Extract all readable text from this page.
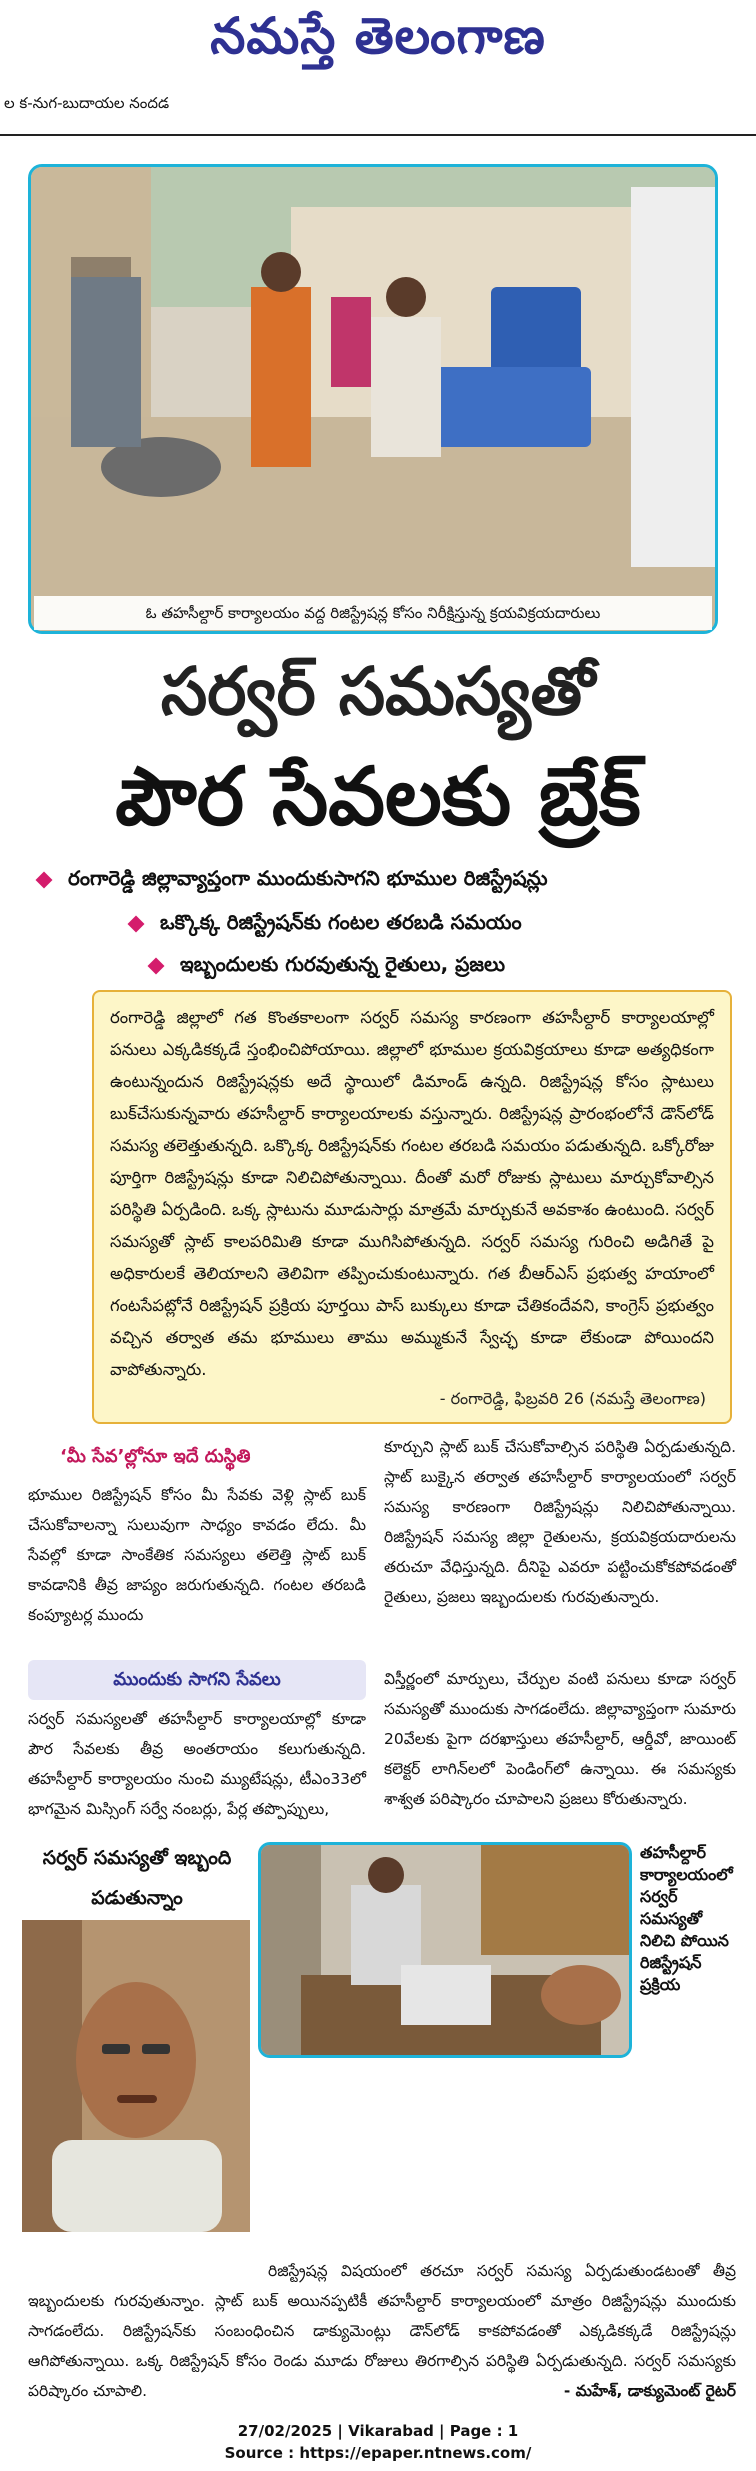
నమస్తే తెలంగాణ
ల క-నుగ-బుదాయల నందడ
ఓ తహసీల్దార్ కార్యాలయం వద్ద రిజిస్ట్రేషన్ల కోసం నిరీక్షిస్తున్న క్రయవిక్రయదారులు
సర్వర్ సమస్యతో
పౌర సేవలకు బ్రేక్
రంగారెడ్డి జిల్లావ్యాప్తంగా ముందుకుసాగని భూముల రిజిస్ట్రేషన్లు
ఒక్కొక్క రిజిస్ట్రేషన్‌కు గంటల తరబడి సమయం
ఇబ్బందులకు గురవుతున్న రైతులు, ప్రజలు

రంగారెడ్డి జిల్లాలో గత కొంతకాలంగా సర్వర్ సమస్య కారణంగా తహసీల్దార్ కార్యాలయాల్లో పనులు ఎక్కడికక్కడే స్తంభించిపోయాయి. జిల్లాలో భూముల క్రయవిక్రయాలు కూడా అత్యధికంగా ఉంటున్నందున రిజిస్ట్రేషన్లకు అదే స్థాయిలో డిమాండ్ ఉన్నది. రిజిస్ట్రేషన్ల కోసం స్లాటులు బుక్‌చేసుకున్నవారు తహసీల్దార్ కార్యాలయాలకు వస్తున్నారు. రిజిస్ట్రేషన్ల ప్రారంభంలోనే డౌన్‌లోడ్ సమస్య తలెత్తుతున్నది. ఒక్కొక్క రిజిస్ట్రేషన్‌కు గంటల తరబడి సమయం పడుతున్నది. ఒక్కోరోజు పూర్తిగా రిజిస్ట్రేషన్లు కూడా నిలిచిపోతున్నాయి. దీంతో మరో రోజుకు స్లాటులు మార్చుకోవాల్సిన పరిస్థితి ఏర్పడింది. ఒక్క స్లాటును మూడుసార్లు మాత్రమే మార్చుకునే అవకాశం ఉంటుంది. సర్వర్ సమస్యతో స్లాట్ కాలపరిమితి కూడా ముగిసిపోతున్నది. సర్వర్ సమస్య గురించి అడిగితే పై అధికారులకే తెలియాలని తెలివిగా తప్పించుకుంటున్నారు. గత బీఆర్‌ఎస్ ప్రభుత్వ హయాంలో గంటసేపట్లోనే రిజిస్ట్రేషన్ ప్రక్రియ పూర్తయి పాస్ బుక్కులు కూడా చేతికందేవని, కాంగ్రెస్ ప్రభుత్వం వచ్చిన తర్వాత తమ భూములు తాము అమ్ముకునే స్వేచ్ఛ కూడా లేకుండా పోయిందని వాపోతున్నారు.

- రంగారెడ్డి, ఫిబ్రవరి 26 (నమస్తే తెలంగాణ)
‘మీ సేవ’ల్లోనూ ఇదే దుస్థితి

భూముల రిజిస్ట్రేషన్ కోసం మీ సేవకు వెళ్లి స్లాట్ బుక్ చేసుకోవాలన్నా సులువుగా సాధ్యం కావడం లేదు. మీ సేవల్లో కూడా సాంకేతిక సమస్యలు తలెత్తి స్లాట్ బుక్ కావడానికి తీవ్ర జాప్యం జరుగుతున్నది. గంటల తరబడి కంప్యూటర్ల ముందు

కూర్చుని స్లాట్ బుక్ చేసుకోవాల్సిన పరిస్థితి ఏర్పడుతున్నది. స్లాట్ బుక్కైన తర్వాత తహసీల్దార్ కార్యాలయంలో సర్వర్ సమస్య కారణంగా రిజిస్ట్రేషన్లు నిలిచిపోతున్నాయి. రిజిస్ట్రేషన్ సమస్య జిల్లా రైతులను, క్రయవిక్రయదారులను తరుచూ వేధిస్తున్నది. దీనిపై ఎవరూ పట్టించుకోకపోవడంతో రైతులు, ప్రజలు ఇబ్బందులకు గురవుతున్నారు.

ముందుకు సాగని సేవలు

సర్వర్ సమస్యలతో తహసీల్దార్ కార్యాలయాల్లో కూడా పౌర సేవలకు తీవ్ర అంతరాయం కలుగుతున్నది. తహసీల్దార్ కార్యాలయం నుంచి మ్యుటేషన్లు, టీఎం33లో భాగమైన మిస్సింగ్ సర్వే నంబర్లు, పేర్ల తప్పొప్పులు,

విస్తీర్ణంలో మార్పులు, చేర్పుల వంటి పనులు కూడా సర్వర్ సమస్యతో ముందుకు సాగడంలేదు. జిల్లావ్యాప్తంగా సుమారు 20వేలకు పైగా దరఖాస్తులు తహసీల్దార్, ఆర్డీవో, జాయింట్ కలెక్టర్ లాగిన్‌లలో పెండింగ్‌లో ఉన్నాయి. ఈ సమస్యకు శాశ్వత పరిష్కారం చూపాలని ప్రజలు కోరుతున్నారు.

సర్వర్ సమస్యతో ఇబ్బంది పడుతున్నాం
తహసీల్దార్ కార్యాలయంలో సర్వర్ సమస్యతో నిలిచి పోయిన రిజిస్ట్రేషన్ ప్రక్రియ

రిజిస్ట్రేషన్ల విషయంలో తరచూ సర్వర్ సమస్య ఏర్పడుతుండటంతో తీవ్ర ఇబ్బందులకు గురవుతున్నాం. స్లాట్ బుక్ అయినప్పటికీ తహసీల్దార్ కార్యాలయంలో మాత్రం రిజిస్ట్రేషన్లు ముందుకు సాగడంలేదు. రిజిస్ట్రేషన్‌కు సంబంధించిన డాక్యుమెంట్లు డౌన్‌లోడ్ కాకపోవడంతో ఎక్కడికక్కడే రిజిస్ట్రేషన్లు ఆగిపోతున్నాయి. ఒక్క రిజిస్ట్రేషన్ కోసం రెండు మూడు రోజులు తిరగాల్సిన పరిస్థితి ఏర్పడుతున్నది. సర్వర్ సమస్యకు పరిష్కారం చూపాలి.	- మహేశ్, డాక్యుమెంట్ రైటర్

27/02/2025 | Vikarabad | Page : 1
Source : https://epaper.ntnews.com/
